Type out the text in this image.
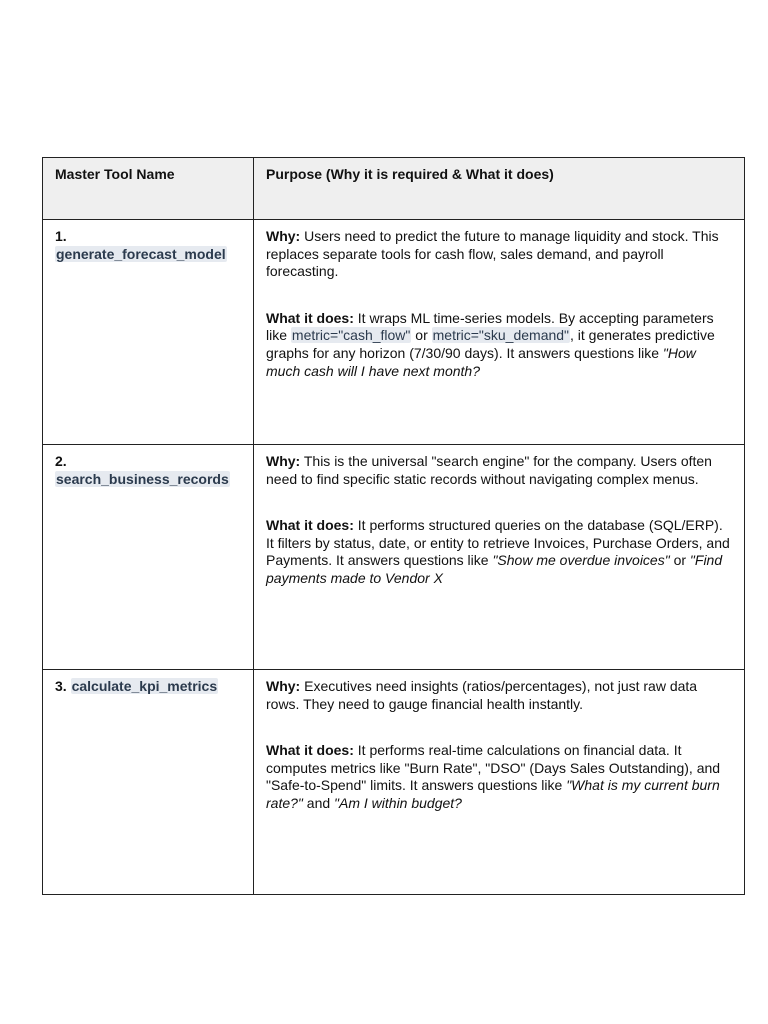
Master Tool Name	Purpose (Why it is required & What it does)
1. generate_forecast_model	Why: Users need to predict the future to manage liquidity and stock. This replaces separate tools for cash flow, sales demand, and payroll forecasting.

What it does: It wraps ML time-series models. By accepting parameters like metric="cash_flow" or metric="sku_demand", it generates predictive graphs for any horizon (7/30/90 days). It answers questions like "How much cash will I have next month?

2. search_business_records	Why: This is the universal "search engine" for the company. Users often need to find specific static records without navigating complex menus.

What it does: It performs structured queries on the database (SQL/ERP). It filters by status, date, or entity to retrieve Invoices, Purchase Orders, and Payments. It answers questions like "Show me overdue invoices" or "Find payments made to Vendor X

3. calculate_kpi_metrics	Why: Executives need insights (ratios/percentages), not just raw data rows. They need to gauge financial health instantly.

What it does: It performs real-time calculations on financial data. It computes metrics like "Burn Rate", "DSO" (Days Sales Outstanding), and "Safe-to-Spend" limits. It answers questions like "What is my current burn rate?" and "Am I within budget?
